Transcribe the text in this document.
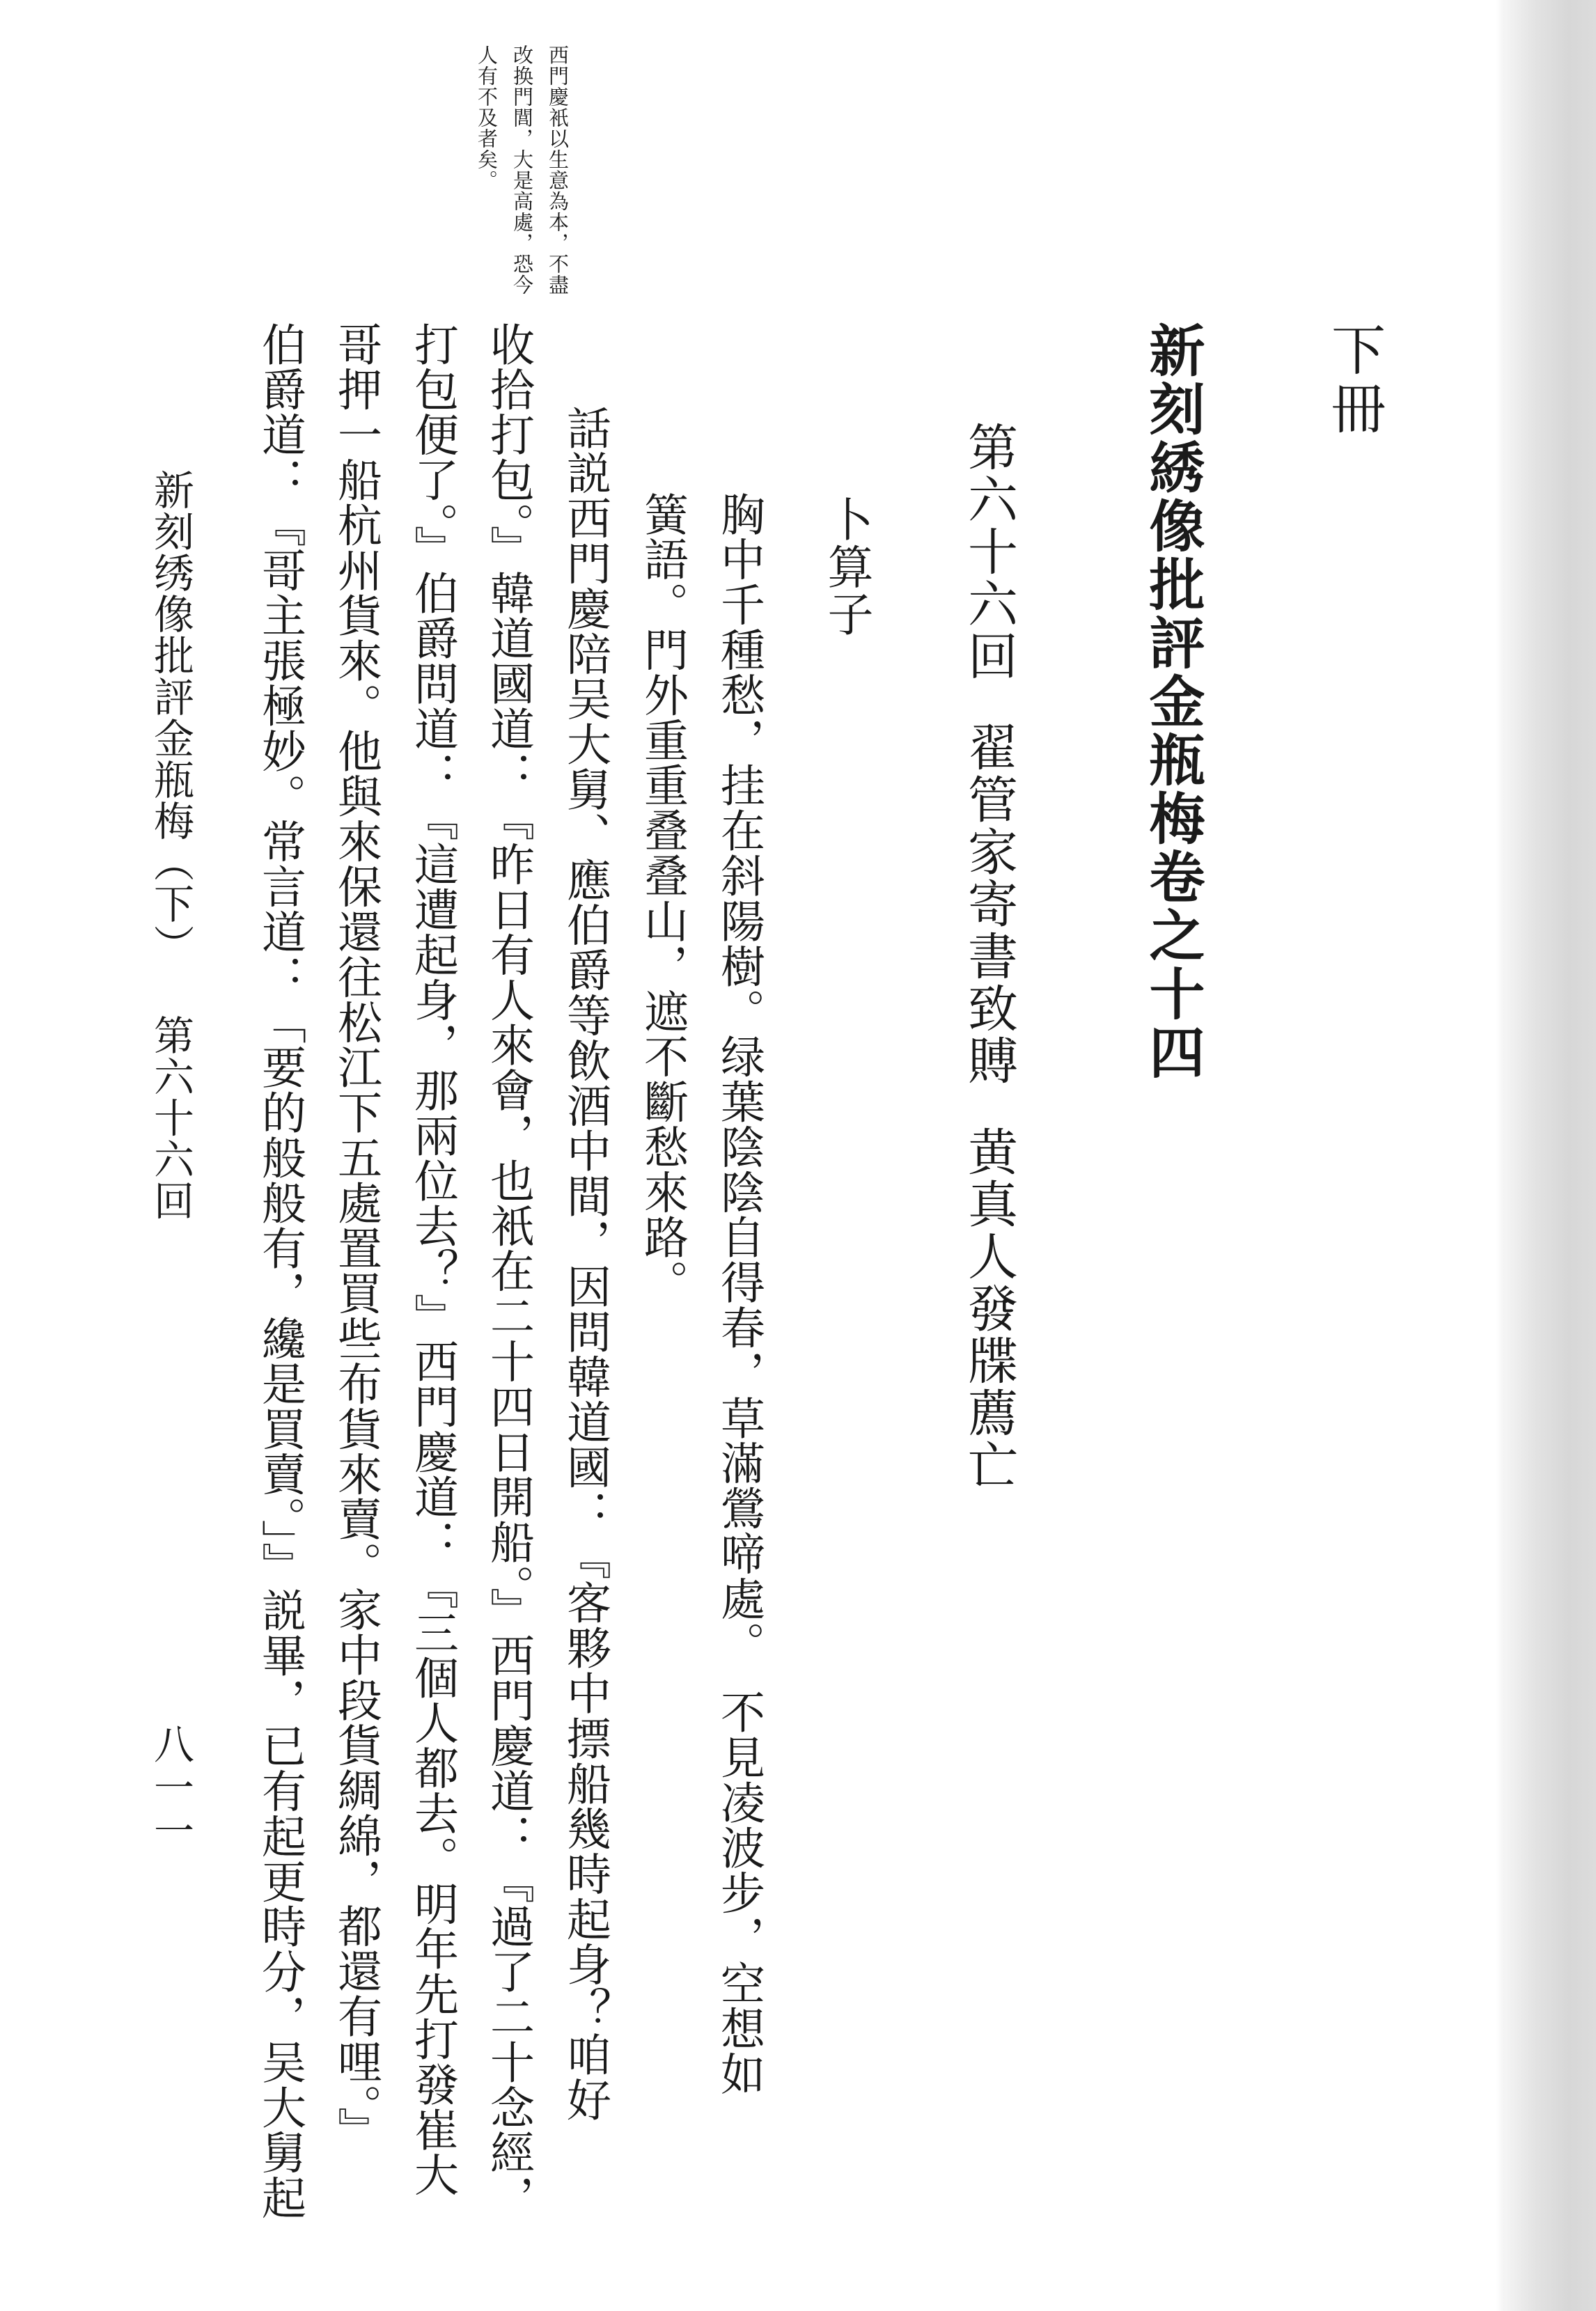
下冊
新刻綉像批評金瓶梅卷之十四
第六十六回翟管家寄書致賻黄真人發牒薦亡
卜算子
胸中千種愁，挂在斜陽樹。绿葉陰陰自得春，草滿鶯啼處。　不見凌波步，空想如
簧語。門外重重叠叠山，遮不斷愁來路。
話説西門慶陪吴大舅、應伯爵等飲酒中間，因問韓道國：『客夥中摽船幾時起身？咱好
收拾打包。』韓道國道：『昨日有人來會，也衹在二十四日開船。』西門慶道：『過了二十念經，
打包便了。』伯爵問道：『這遭起身，那兩位去？』西門慶道：『三個人都去。明年先打發崔大
哥押一船杭州貨來。他與來保還往松江下五處置買些布貨來賣。家中段貨綢綿，都還有哩。』
伯爵道：『哥主張極妙。常言道：「要的般般有，纔是買賣。」』説畢，已有起更時分，吴大舅起
西門慶衹以生意為本，不盡改换門閭，大是高處，恐今人有不及者矣。
新刻绣像批評金瓶梅（下）第六十六回
八一一
